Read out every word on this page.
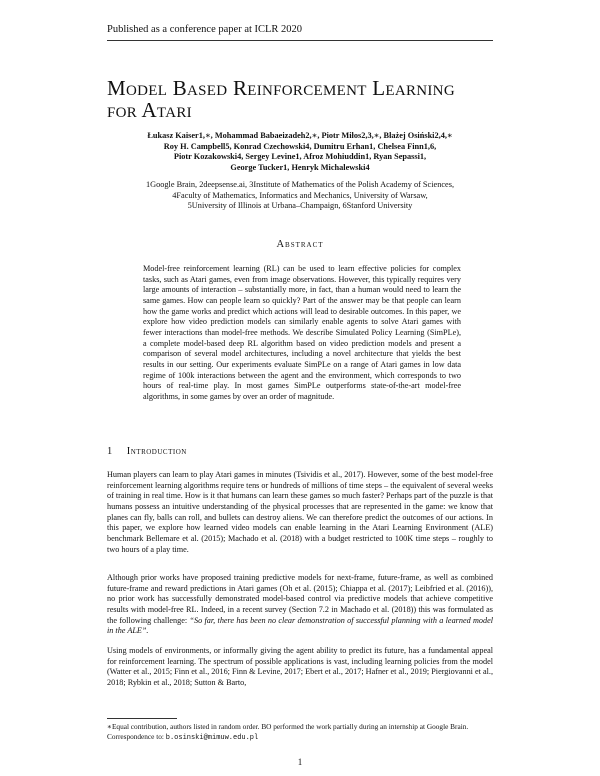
Published as a conference paper at ICLR 2020
Model Based Reinforcement Learning
for Atari
Łukasz Kaiser1,∗, Mohammad Babaeizadeh2,∗, Piotr Miłos2,3,∗, Błażej Osiński2,4,∗
Roy H. Campbell5, Konrad Czechowski4, Dumitru Erhan1, Chelsea Finn1,6,
Piotr Kozakowski4, Sergey Levine1, Afroz Mohiuddin1, Ryan Sepassi1,
George Tucker1, Henryk Michalewski4
1Google Brain, 2deepsense.ai, 3Institute of Mathematics of the Polish Academy of Sciences,
4Faculty of Mathematics, Informatics and Mechanics, University of Warsaw,
5University of Illinois at Urbana–Champaign, 6Stanford University
Abstract
Model-free reinforcement learning (RL) can be used to learn effective policies for complex tasks, such as Atari games, even from image observations. However, this typically requires very large amounts of interaction – substantially more, in fact, than a human would need to learn the same games. How can people learn so quickly? Part of the answer may be that people can learn how the game works and predict which actions will lead to desirable outcomes. In this paper, we explore how video prediction models can similarly enable agents to solve Atari games with fewer interactions than model-free methods. We describe Simulated Policy Learning (SimPLe), a complete model-based deep RL algorithm based on video prediction models and present a comparison of several model architectures, including a novel architecture that yields the best results in our setting. Our experiments evaluate SimPLe on a range of Atari games in low data regime of 100k interactions between the agent and the environment, which corresponds to two hours of real-time play. In most games SimPLe outperforms state-of-the-art model-free algorithms, in some games by over an order of magnitude.
1 Introduction
Human players can learn to play Atari games in minutes (Tsividis et al., 2017). However, some of the best model-free reinforcement learning algorithms require tens or hundreds of millions of time steps – the equivalent of several weeks of training in real time. How is it that humans can learn these games so much faster? Perhaps part of the puzzle is that humans possess an intuitive understanding of the physical processes that are represented in the game: we know that planes can fly, balls can roll, and bullets can destroy aliens. We can therefore predict the outcomes of our actions. In this paper, we explore how learned video models can enable learning in the Atari Learning Environment (ALE) benchmark Bellemare et al. (2015); Machado et al. (2018) with a budget restricted to 100K time steps – roughly to two hours of a play time.
Although prior works have proposed training predictive models for next-frame, future-frame, as well as combined future-frame and reward predictions in Atari games (Oh et al. (2015); Chiappa et al. (2017); Leibfried et al. (2016)), no prior work has successfully demonstrated model-based control via predictive models that achieve competitive results with model-free RL. Indeed, in a recent survey (Section 7.2 in Machado et al. (2018)) this was formulated as the following challenge: “So far, there has been no clear demonstration of successful planning with a learned model in the ALE”.
Using models of environments, or informally giving the agent ability to predict its future, has a fundamental appeal for reinforcement learning. The spectrum of possible applications is vast, including learning policies from the model (Watter et al., 2015; Finn et al., 2016; Finn & Levine, 2017; Ebert et al., 2017; Hafner et al., 2019; Piergiovanni et al., 2018; Rybkin et al., 2018; Sutton & Barto,
∗Equal contribution, authors listed in random order. BO performed the work partially during an internship at Google Brain. Correspondence to: b.osinski@mimuw.edu.pl
1
